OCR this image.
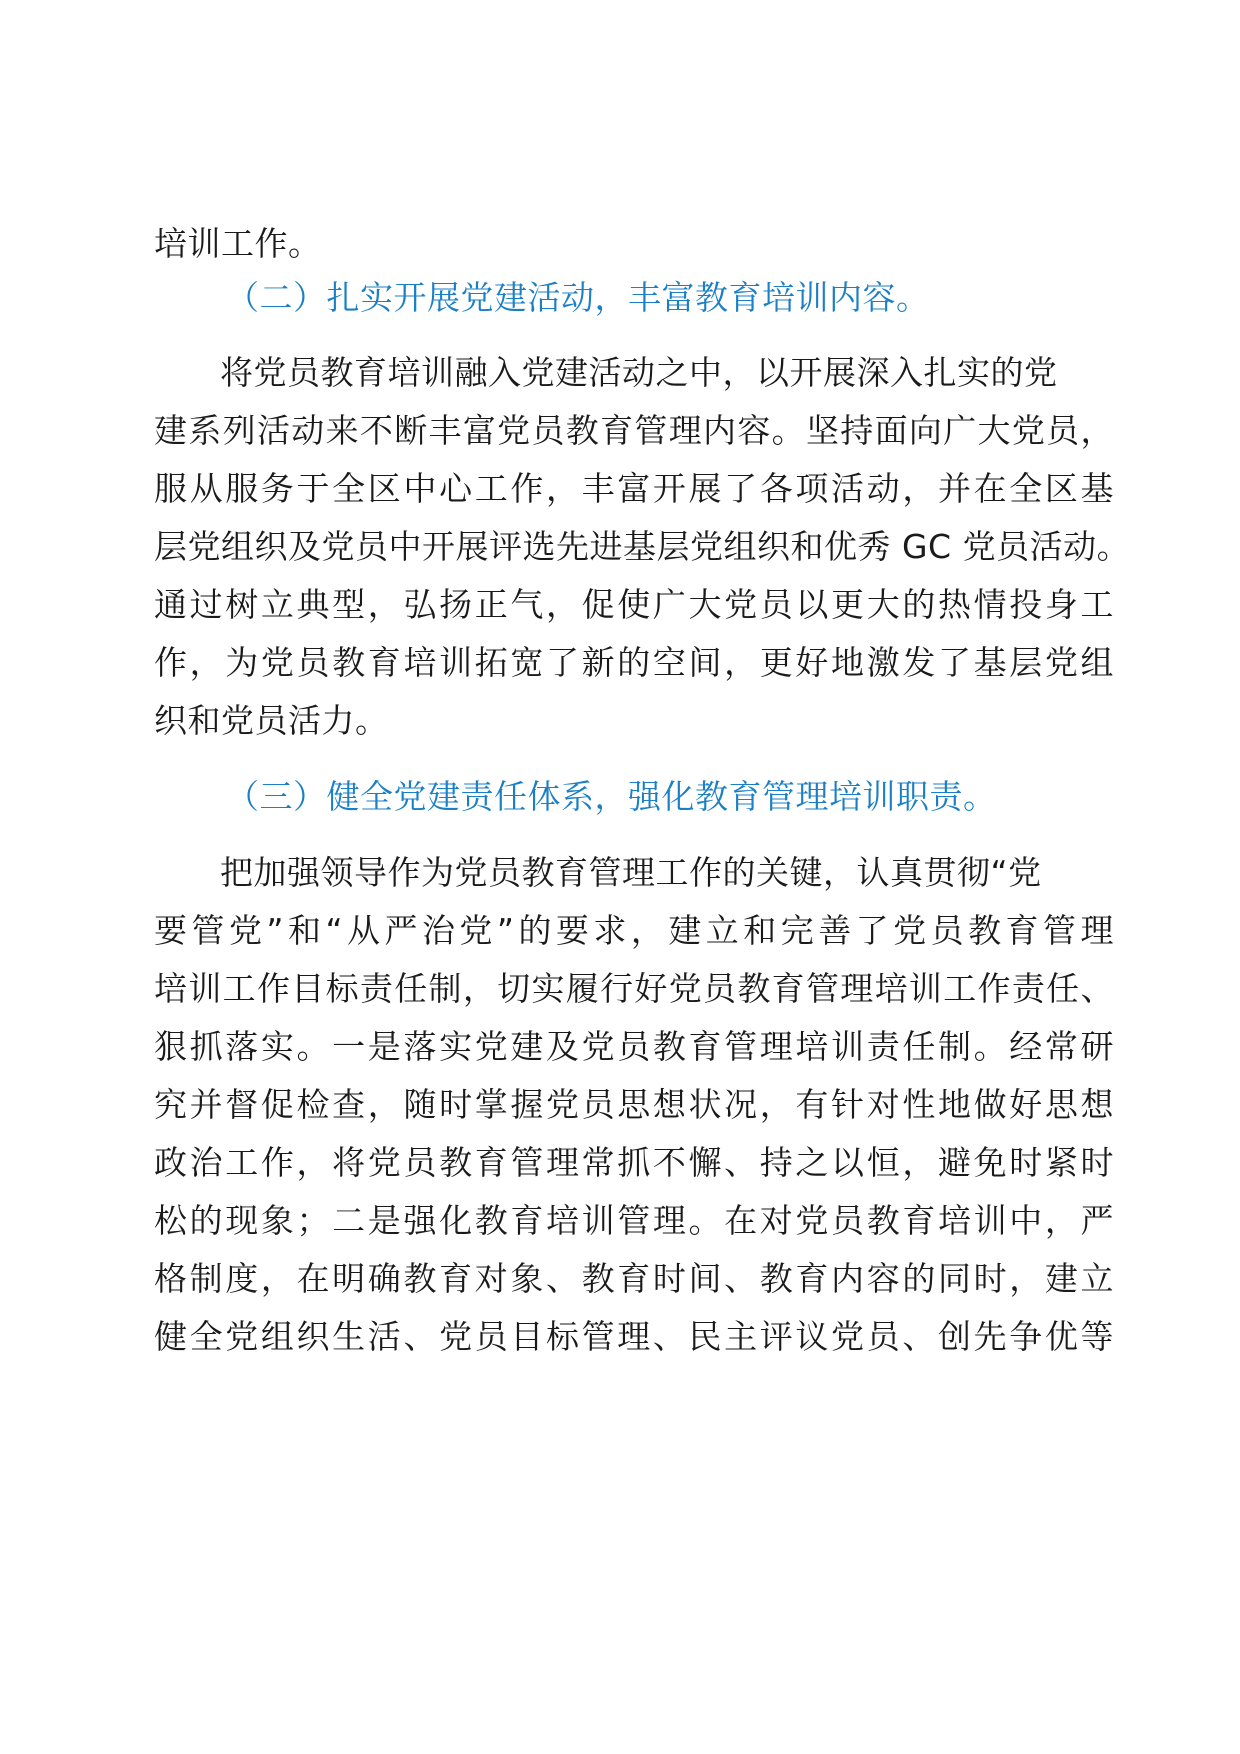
培训工作。
（二）扎实开展党建活动，丰富教育培训内容。
将党员教育培训融入党建活动之中，以开展深入扎实的党
建系列活动来不断丰富党员教育管理内容。坚持面向广大党员，
服从服务于全区中心工作，丰富开展了各项活动，并在全区基
层党组织及党员中开展评选先进基层党组织和优秀 GC 党员活动。
通过树立典型，弘扬正气，促使广大党员以更大的热情投身工
作，为党员教育培训拓宽了新的空间，更好地激发了基层党组
织和党员活力。
（三）健全党建责任体系，强化教育管理培训职责。
把加强领导作为党员教育管理工作的关键，认真贯彻“党
要管党”和“从严治党”的要求，建立和完善了党员教育管理
培训工作目标责任制，切实履行好党员教育管理培训工作责任、
狠抓落实。一是落实党建及党员教育管理培训责任制。经常研
究并督促检查，随时掌握党员思想状况，有针对性地做好思想
政治工作，将党员教育管理常抓不懈、持之以恒，避免时紧时
松的现象；二是强化教育培训管理。在对党员教育培训中，严
格制度，在明确教育对象、教育时间、教育内容的同时，建立
健全党组织生活、党员目标管理、民主评议党员、创先争优等
